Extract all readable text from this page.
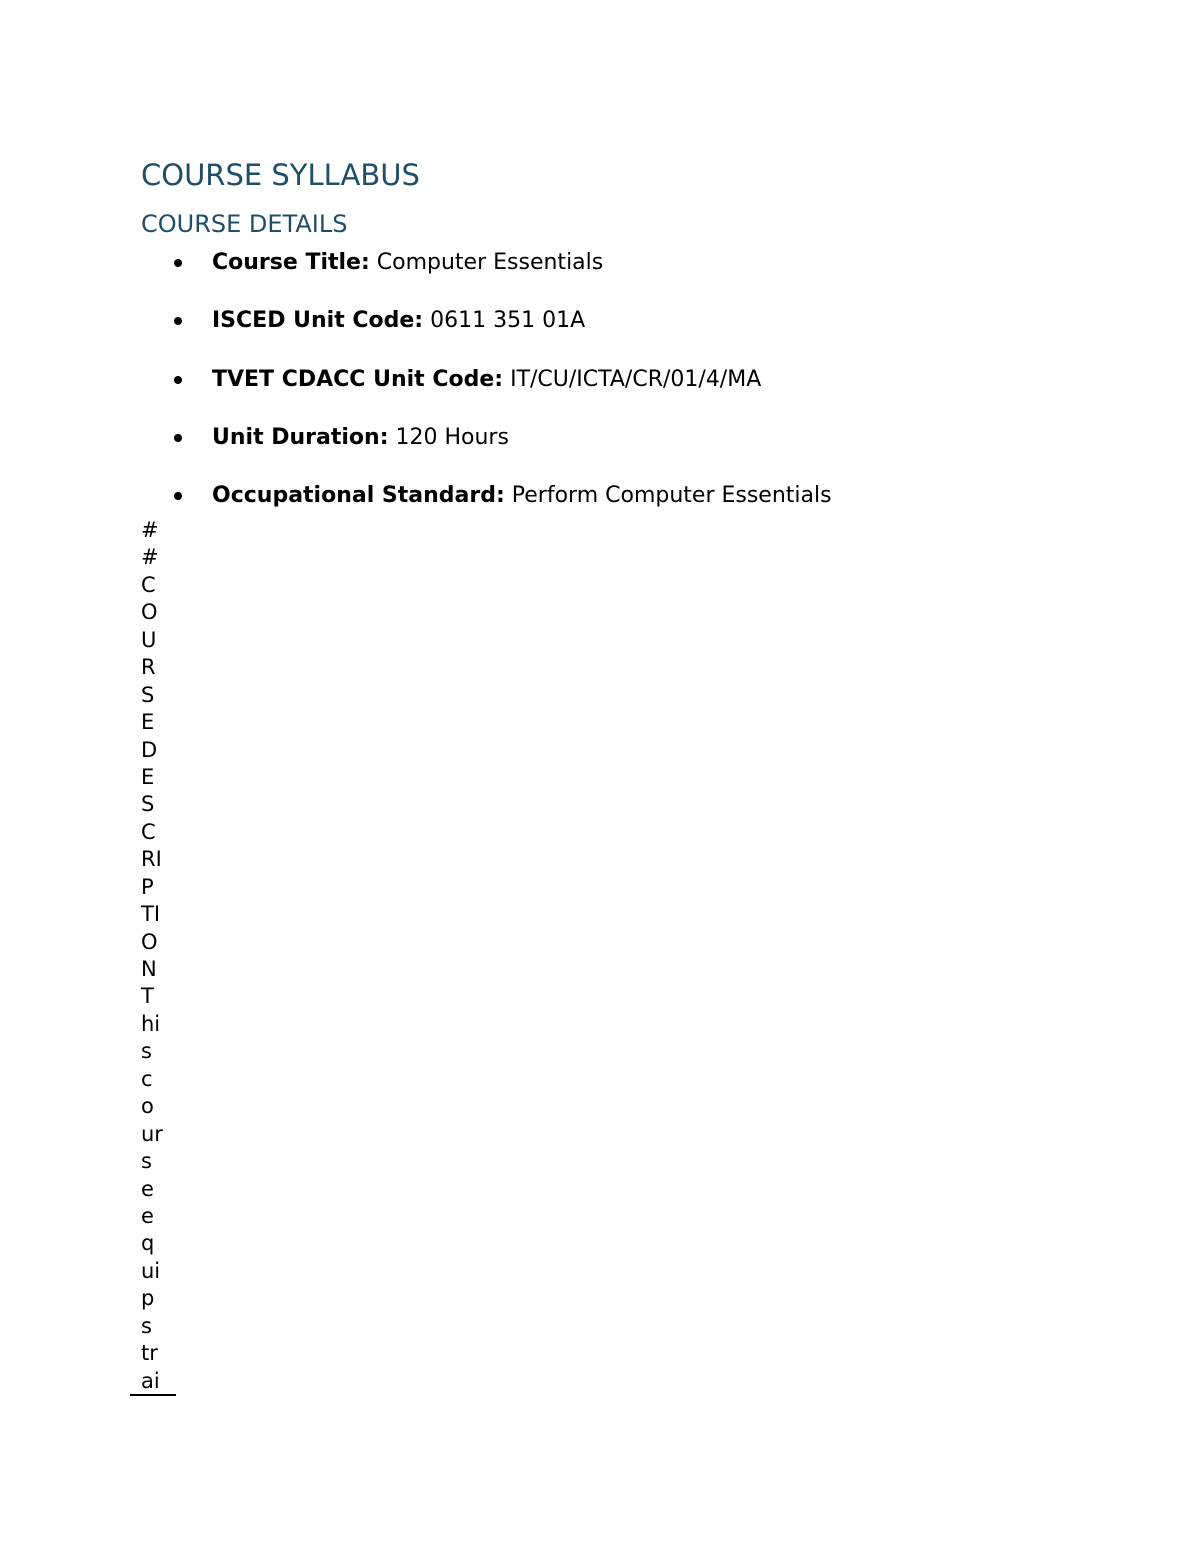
COURSE SYLLABUS
COURSE DETAILS
Course Title: Computer Essentials
ISCED Unit Code: 0611 351 01A
TVET CDACC Unit Code: IT/CU/ICTA/CR/01/4/MA
Unit Duration: 120 Hours
Occupational Standard: Perform Computer Essentials
#
#
C
O
U
R
S
E
D
E
S
C
RI
P
TI
O
N
T
hi
s
c
o
ur
s
e
e
q
ui
p
s
tr
ai
